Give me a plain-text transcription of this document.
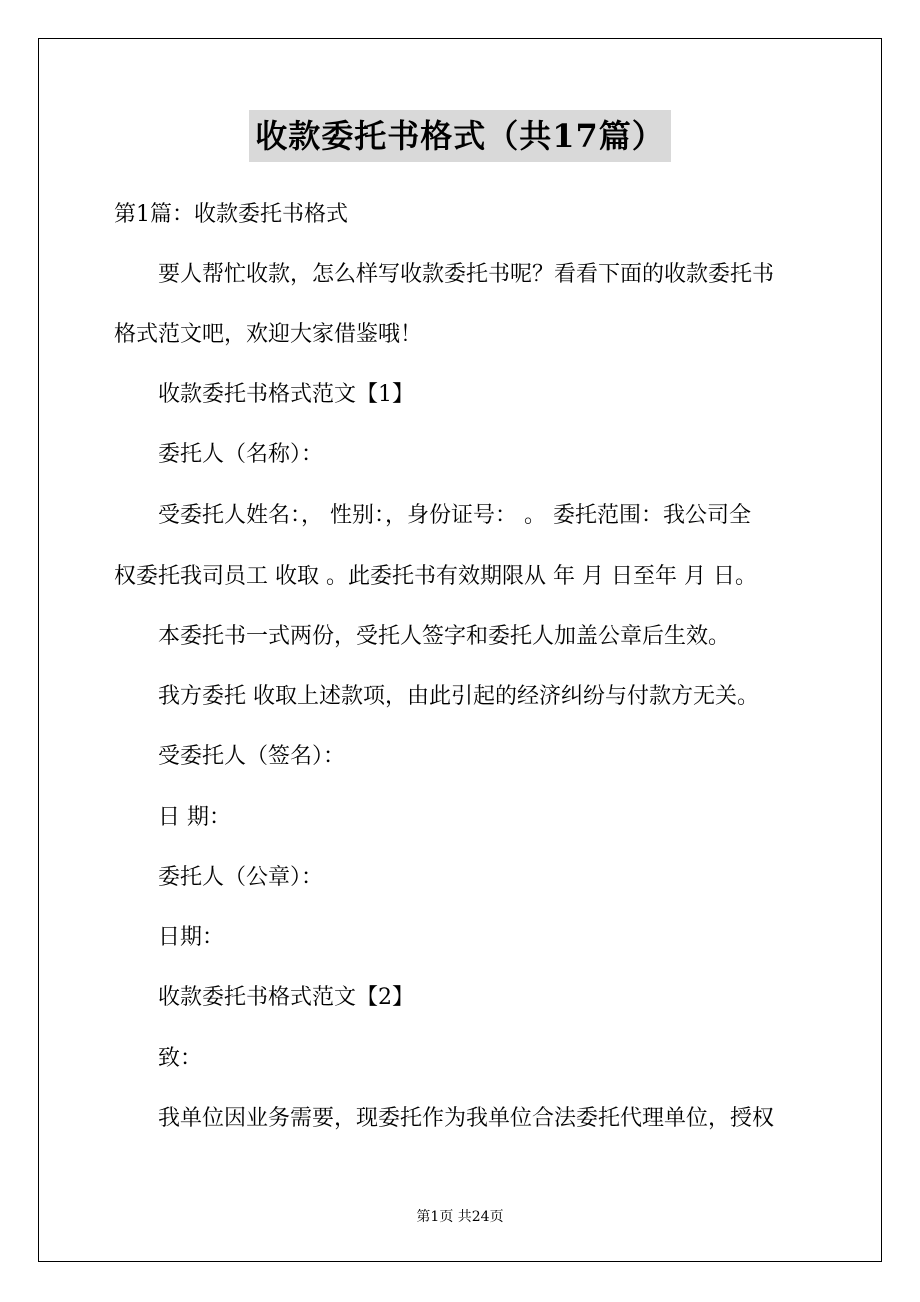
收款委托书格式（共17篇）
第1篇：收款委托书格式
要人帮忙收款，怎么样写收款委托书呢？看看下面的收款委托书
格式范文吧，欢迎大家借鉴哦！
收款委托书格式范文【1】
委托人（名称）：
受委托人姓名：， 性别：，身份证号： 。 委托范围：我公司全
权委托我司员工 收取 。此委托书有效期限从 年 月 日至年 月 日。
本委托书一式两份，受托人签字和委托人加盖公章后生效。
我方委托 收取上述款项，由此引起的经济纠纷与付款方无关。
受委托人（签名）：
日 期：
委托人（公章）：
日期：
收款委托书格式范文【2】
致：
我单位因业务需要，现委托作为我单位合法委托代理单位，授权
第1页 共24页
